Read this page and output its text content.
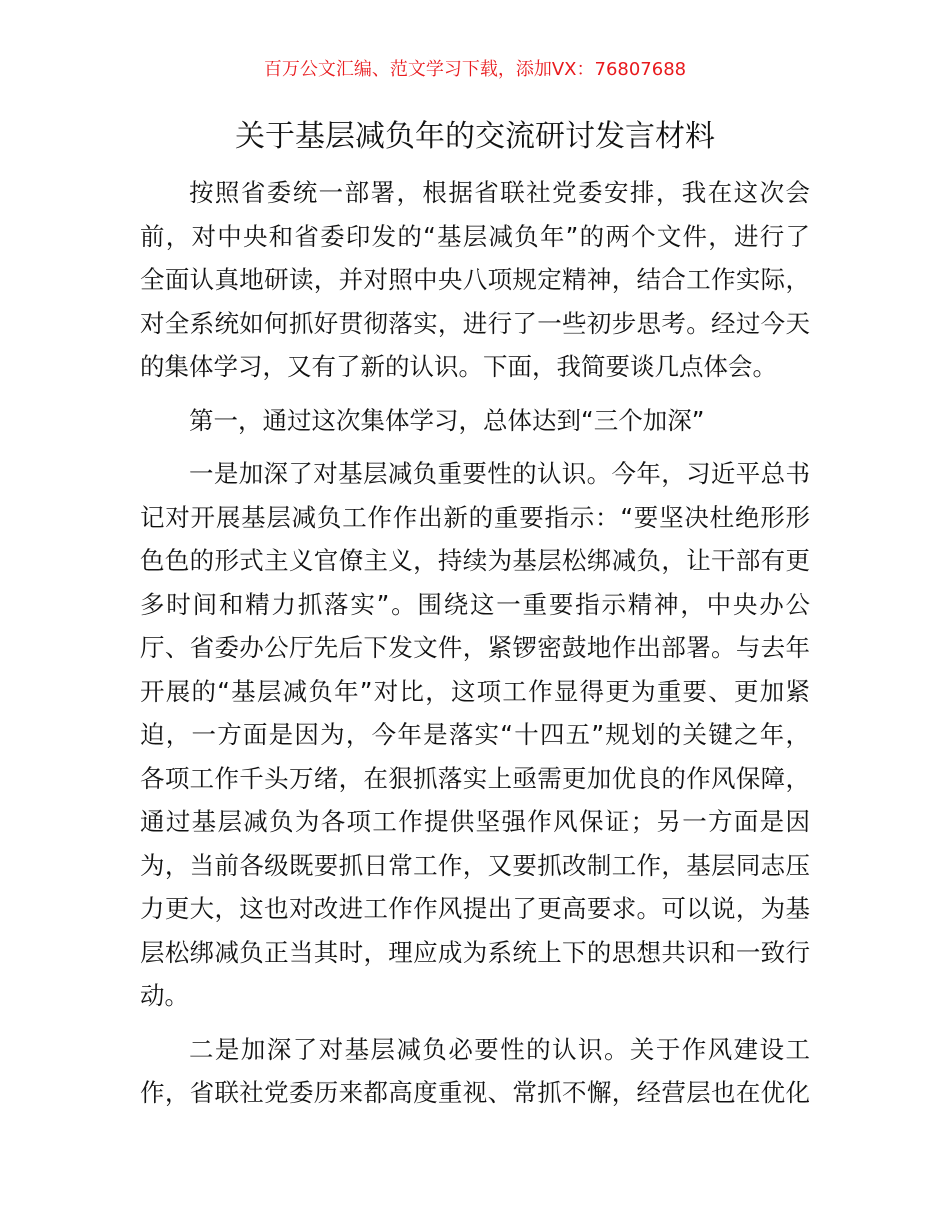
百万公文汇编、范文学习下载，添加VX：76807688
关于基层减负年的交流研讨发言材料
按照省委统一部署，根据省联社党委安排，我在这次会
前，对中央和省委印发的“基层减负年”的两个文件，进行了
全面认真地研读，并对照中央八项规定精神，结合工作实际，
对全系统如何抓好贯彻落实，进行了一些初步思考。经过今天
的集体学习，又有了新的认识。下面，我简要谈几点体会。
第一，通过这次集体学习，总体达到“三个加深”
一是加深了对基层减负重要性的认识。今年，习近平总书
记对开展基层减负工作作出新的重要指示：“要坚决杜绝形形
色色的形式主义官僚主义，持续为基层松绑减负，让干部有更
多时间和精力抓落实”。围绕这一重要指示精神，中央办公
厅、省委办公厅先后下发文件，紧锣密鼓地作出部署。与去年
开展的“基层减负年”对比，这项工作显得更为重要、更加紧
迫，一方面是因为，今年是落实“十四五”规划的关键之年，
各项工作千头万绪，在狠抓落实上亟需更加优良的作风保障，
通过基层减负为各项工作提供坚强作风保证；另一方面是因
为，当前各级既要抓日常工作，又要抓改制工作，基层同志压
力更大，这也对改进工作作风提出了更高要求。可以说，为基
层松绑减负正当其时，理应成为系统上下的思想共识和一致行
动。
二是加深了对基层减负必要性的认识。关于作风建设工
作，省联社党委历来都高度重视、常抓不懈，经营层也在优化
